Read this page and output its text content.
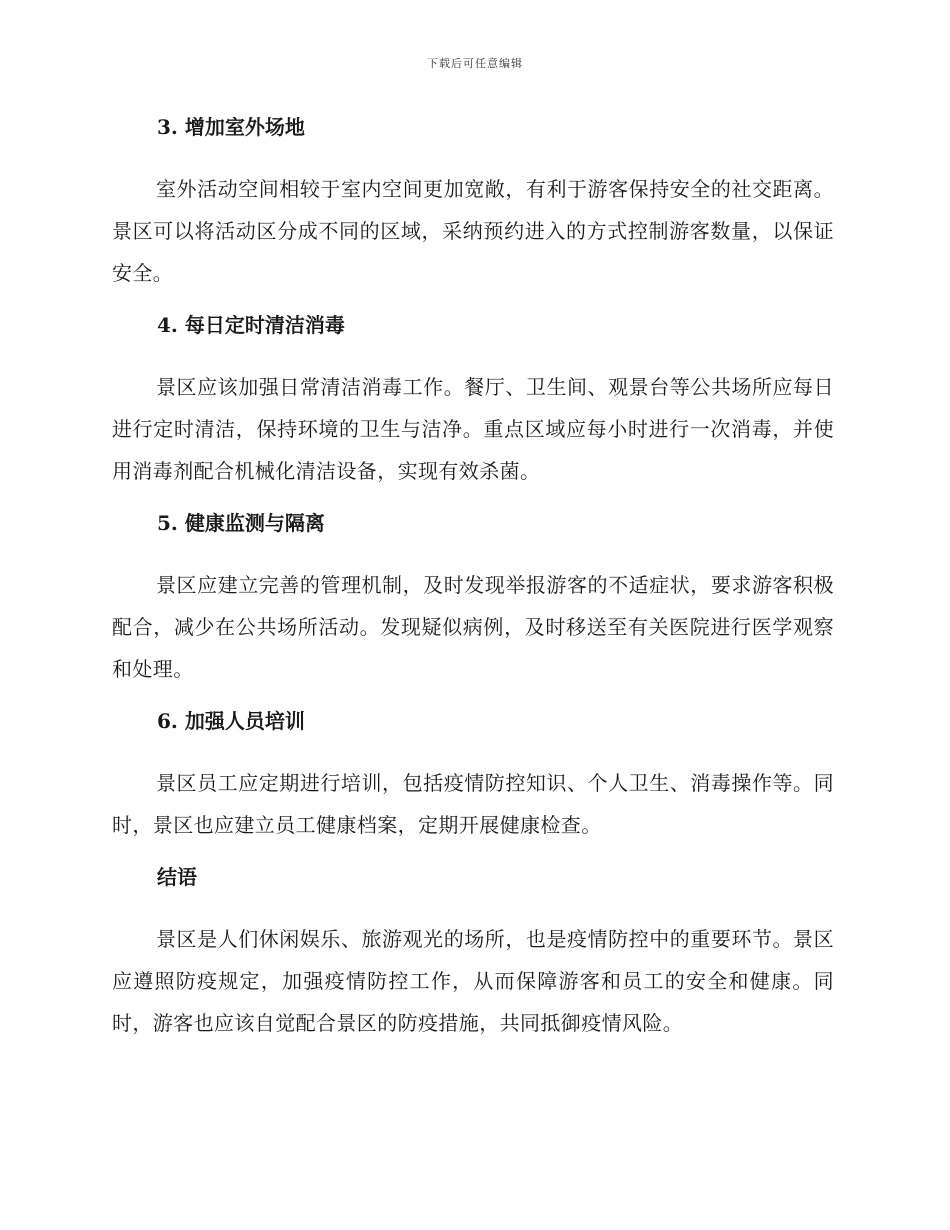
下载后可任意编辑
3. 增加室外场地

室外活动空间相较于室内空间更加宽敞，有利于游客保持安全的社交距离。景区可以将活动区分成不同的区域，采纳预约进入的方式控制游客数量，以保证安全。

4. 每日定时清洁消毒

景区应该加强日常清洁消毒工作。餐厅、卫生间、观景台等公共场所应每日进行定时清洁，保持环境的卫生与洁净。重点区域应每小时进行一次消毒，并使用消毒剂配合机械化清洁设备，实现有效杀菌。

5. 健康监测与隔离

景区应建立完善的管理机制，及时发现举报游客的不适症状，要求游客积极配合，减少在公共场所活动。发现疑似病例，及时移送至有关医院进行医学观察和处理。

6. 加强人员培训

景区员工应定期进行培训，包括疫情防控知识、个人卫生、消毒操作等。同时，景区也应建立员工健康档案，定期开展健康检查。

结语

景区是人们休闲娱乐、旅游观光的场所，也是疫情防控中的重要环节。景区应遵照防疫规定，加强疫情防控工作，从而保障游客和员工的安全和健康。同时，游客也应该自觉配合景区的防疫措施，共同抵御疫情风险。
